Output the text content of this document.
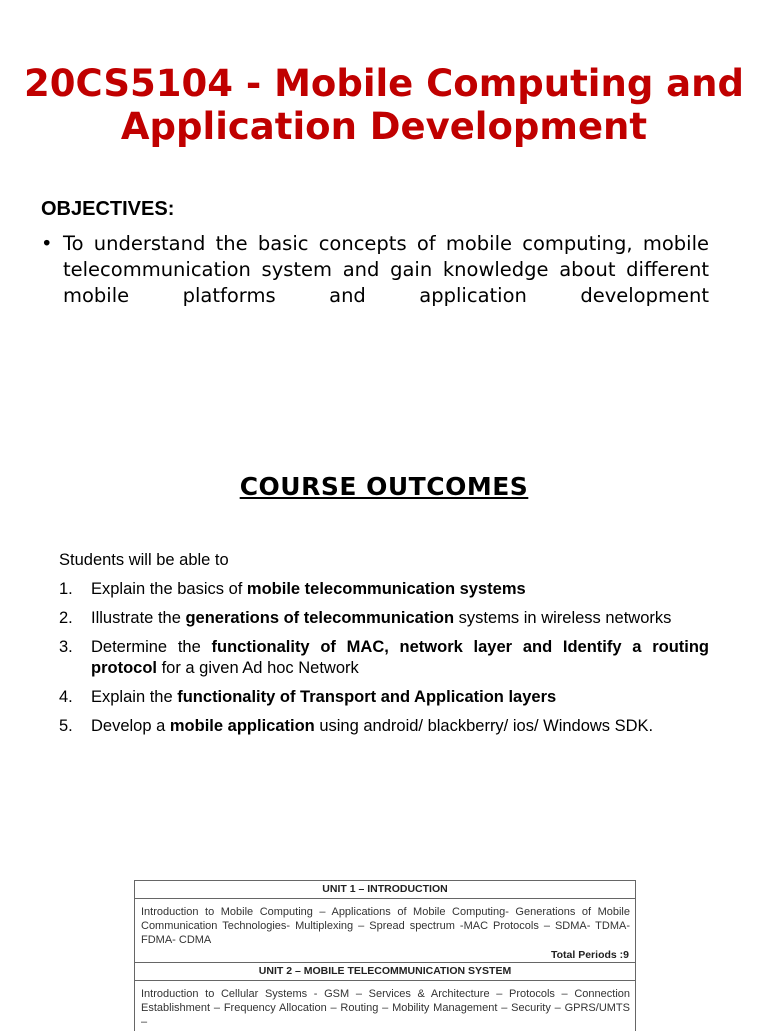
20CS5104 - Mobile Computing and Application Development
OBJECTIVES:
• To understand the basic concepts of mobile computing, mobile telecommunication system and gain knowledge about different mobile platforms and application development
COURSE OUTCOMES
Students will be able to
1. Explain the basics of mobile telecommunication systems
2. Illustrate the generations of telecommunication systems in wireless networks
3. Determine the functionality of MAC, network layer and Identify a routing protocol for a given Ad hoc Network
4. Explain the functionality of Transport and Application layers
5. Develop a mobile application using android/ blackberry/ ios/ Windows SDK.
UNIT 1 – INTRODUCTION
Introduction to Mobile Computing – Applications of Mobile Computing- Generations of Mobile Communication Technologies- Multiplexing – Spread spectrum -MAC Protocols – SDMA- TDMA- FDMA- CDMA
Total Periods :9
UNIT 2 – MOBILE TELECOMMUNICATION SYSTEM
Introduction to Cellular Systems - GSM – Services & Architecture – Protocols – Connection Establishment – Frequency Allocation – Routing – Mobility Management – Security – GPRS/UMTS –
